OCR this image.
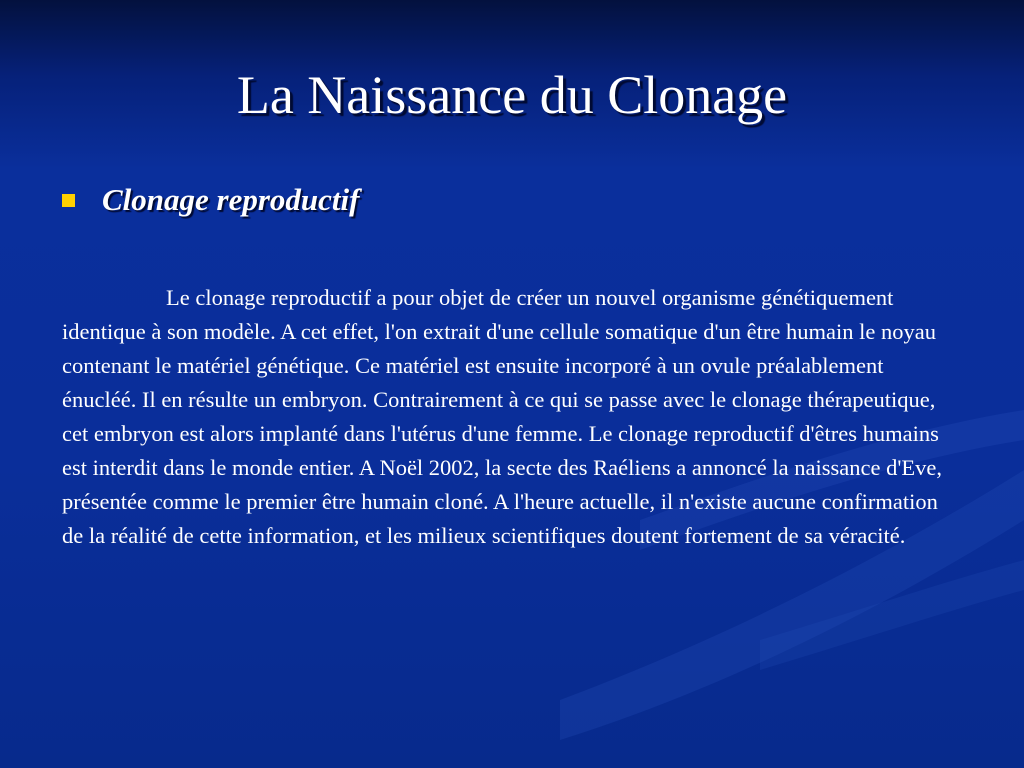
La Naissance du Clonage
Clonage reproductif

Le clonage reproductif a pour objet de créer un nouvel organisme génétiquement identique à son modèle. A cet effet, l'on extrait d'une cellule somatique d'un être humain le noyau contenant le matériel génétique. Ce matériel est ensuite incorporé à un ovule préalablement énucléé. Il en résulte un embryon. Contrairement à ce qui se passe avec le clonage thérapeutique, cet embryon est alors implanté dans l'utérus d'une femme. Le clonage reproductif d'êtres humains est interdit dans le monde entier. A Noël 2002, la secte des Raéliens a annoncé la naissance d'Eve, présentée comme le premier être humain cloné. A l'heure actuelle, il n'existe aucune confirmation de la réalité de cette information, et les milieux scientifiques doutent fortement de sa véracité.
